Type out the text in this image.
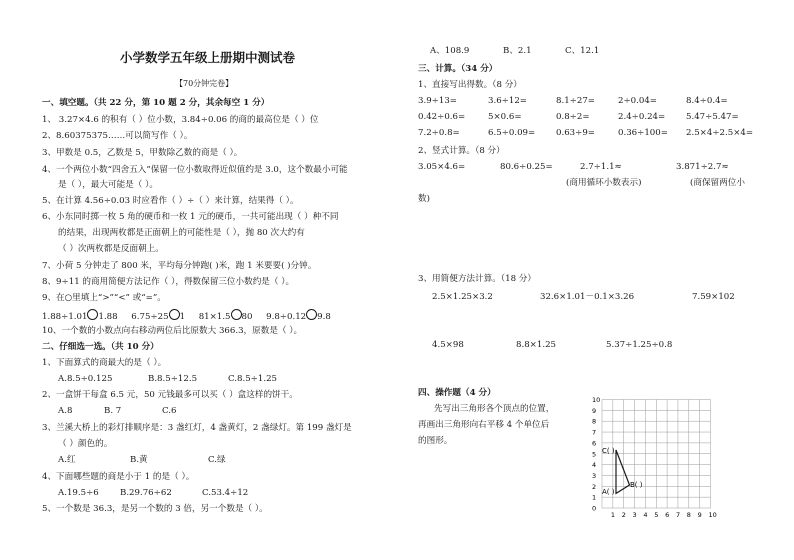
小学数学五年级上册期中测试卷
【70分钟完卷】
一、填空题。（共 22 分，第 10 题 2 分，其余每空 1 分）
1、 3.27×4.6 的积有（ ）位小数，3.84÷0.06 的商的最高位是（ ）位
2、8.6037537​5……可以简写作（ ）。
3、甲数是 0.5，乙数是 5，甲数除乙数的商是（ ）。
4、一个两位小数“四舍五入”保留一位小数取得近似值约是 3.0，这个数最小可能
是（ ），最大可能是（ ）。
5、在计算 4.56÷0.03 时应看作（ ）÷（ ）来计算，结果得（ ）。
6、小东同时掷一枚 5 角的硬币和一枚 1 元的硬币，一共可能出现（ ）种不同
的结果，出现两枚都是正面朝上的可能性是（ ），抛 80 次大约有
（ ）次两枚都是反面朝上。
7、小荷 5 分钟走了 800 米，平均每分钟跑( )米，跑 1 米要要( )分钟。
8、9÷11 的商用简便方法记作（ ），得数保留三位小数约是（ ）。
9、在○里填上“>”“<” 或“=”。
1.88÷1.01 1.88 6.75÷25 1 81×1.5 80 9.8÷0.12 9.8
10、一个数的小数点向右移动两位后比原数大 366.3，原数是（ ）。
二、仔细选一选。（共 10 分）
1、下面算式的商最大的是（ ）。
A.8.5÷0.125	B.8.5÷12.5	C.8.5÷1.25
2、一盒饼干每盒 6.5 元，50 元钱最多可以买（ ）盒这样的饼干。
A.8	B. 7	C.6
3、兰溪大桥上的彩灯排顺序是：3 盏红灯，4 盏黄灯，2 盏绿灯。第 199 盏灯是
（ ）颜色的。
A.红	B.黄	C.绿
4、下面哪些题的商是小于 1 的是（ ）。
A.19.5÷6 B.29.76÷62	C.53.4÷12
5、一个数是 36.3，是另一个数的 3 倍，另一个数是（ ）。
A、108.9	B、2.1	C、12.1
三、计算。（34 分）
1、直接写出得数。（8 分）
3.9÷13=	3.6÷12=	8.1÷27=	2÷0.04=	8.4÷0.4=
0.42÷0.6=	5×0.6=	0.8÷2=	2.4÷0.24= 5.47÷5.47=
7.2÷0.8=	6.5÷0.09= 0.63÷9=	0.36÷100= 2.5×4÷2.5×4=
2、竖式计算。（8 分）
3.05×4.6=	80.6÷0.25=	2.7÷1.1≈	3.871÷2.7≈
(商用循环小数表示)	(商保留两位小
数)
3、用简便方法计算。（18 分）
2.5×1.25×3.2	32.6×1.01－0.1×3.26	7.59×102
4.5×98	8.8×1.25	5.37÷1.25÷0.8
四、操作题（4 分）
先写出三角形各个顶点的位置，
再画出三角形向右平移 4 个单位后
的图形。
10
9
8
7
6
5
4
3
2
1
0
1 2 3 4 5 6 7 8 9 10
C( )
B( )
A( )
